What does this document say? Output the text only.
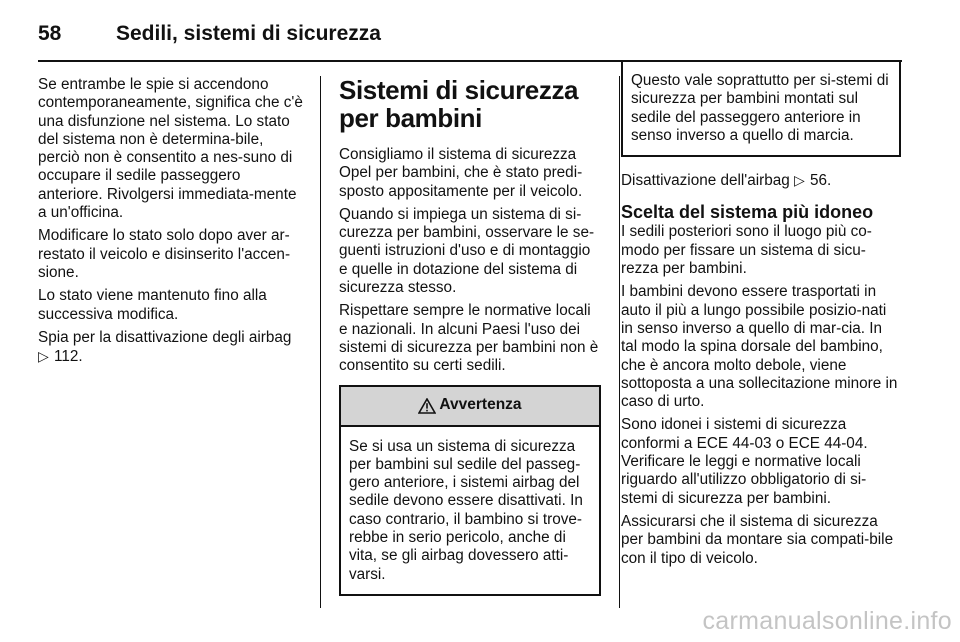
58	Sedili, sistemi di sicurezza

Se entrambe le spie si accendono contemporaneamente, significa che c'è una disfunzione nel sistema. Lo stato del sistema non è determina-bile, perciò non è consentito a nes-suno di occupare il sedile passeggero anteriore. Rivolgersi immediata-mente a un'officina.

Modificare lo stato solo dopo aver ar-restato il veicolo e disinserito l'accen-sione.

Lo stato viene mantenuto fino alla successiva modifica.

Spia per la disattivazione degli airbag
▷ 112.

Sistemi di sicurezza per bambini

Consigliamo il sistema di sicurezza Opel per bambini, che è stato predi-sposto appositamente per il veicolo.

Quando si impiega un sistema di si-curezza per bambini, osservare le se-guenti istruzioni d'uso e di montaggio e quelle in dotazione del sistema di sicurezza stesso.

Rispettare sempre le normative locali e nazionali. In alcuni Paesi l'uso dei sistemi di sicurezza per bambini non è consentito su certi sedili.

Avvertenza
Se si usa un sistema di sicurezza per bambini sul sedile del passeg-gero anteriore, i sistemi airbag del sedile devono essere disattivati. In caso contrario, il bambino si trove-rebbe in serio pericolo, anche di vita, se gli airbag dovessero atti-varsi.
Questo vale soprattutto per si-stemi di sicurezza per bambini montati sul sedile del passeggero anteriore in senso inverso a quello di marcia.

Disattivazione dell'airbag ▷ 56.

Scelta del sistema più idoneo

I sedili posteriori sono il luogo più co-modo per fissare un sistema di sicu-rezza per bambini.

I bambini devono essere trasportati in auto il più a lungo possibile posizio-nati in senso inverso a quello di mar-cia. In tal modo la spina dorsale del bambino, che è ancora molto debole, viene sottoposta a una sollecitazione minore in caso di urto.

Sono idonei i sistemi di sicurezza conformi a ECE 44-03 o ECE 44-04. Verificare le leggi e normative locali riguardo all'utilizzo obbligatorio di si-stemi di sicurezza per bambini.

Assicurarsi che il sistema di sicurezza per bambini da montare sia compati-bile con il tipo di veicolo.

carmanualsonline.info
